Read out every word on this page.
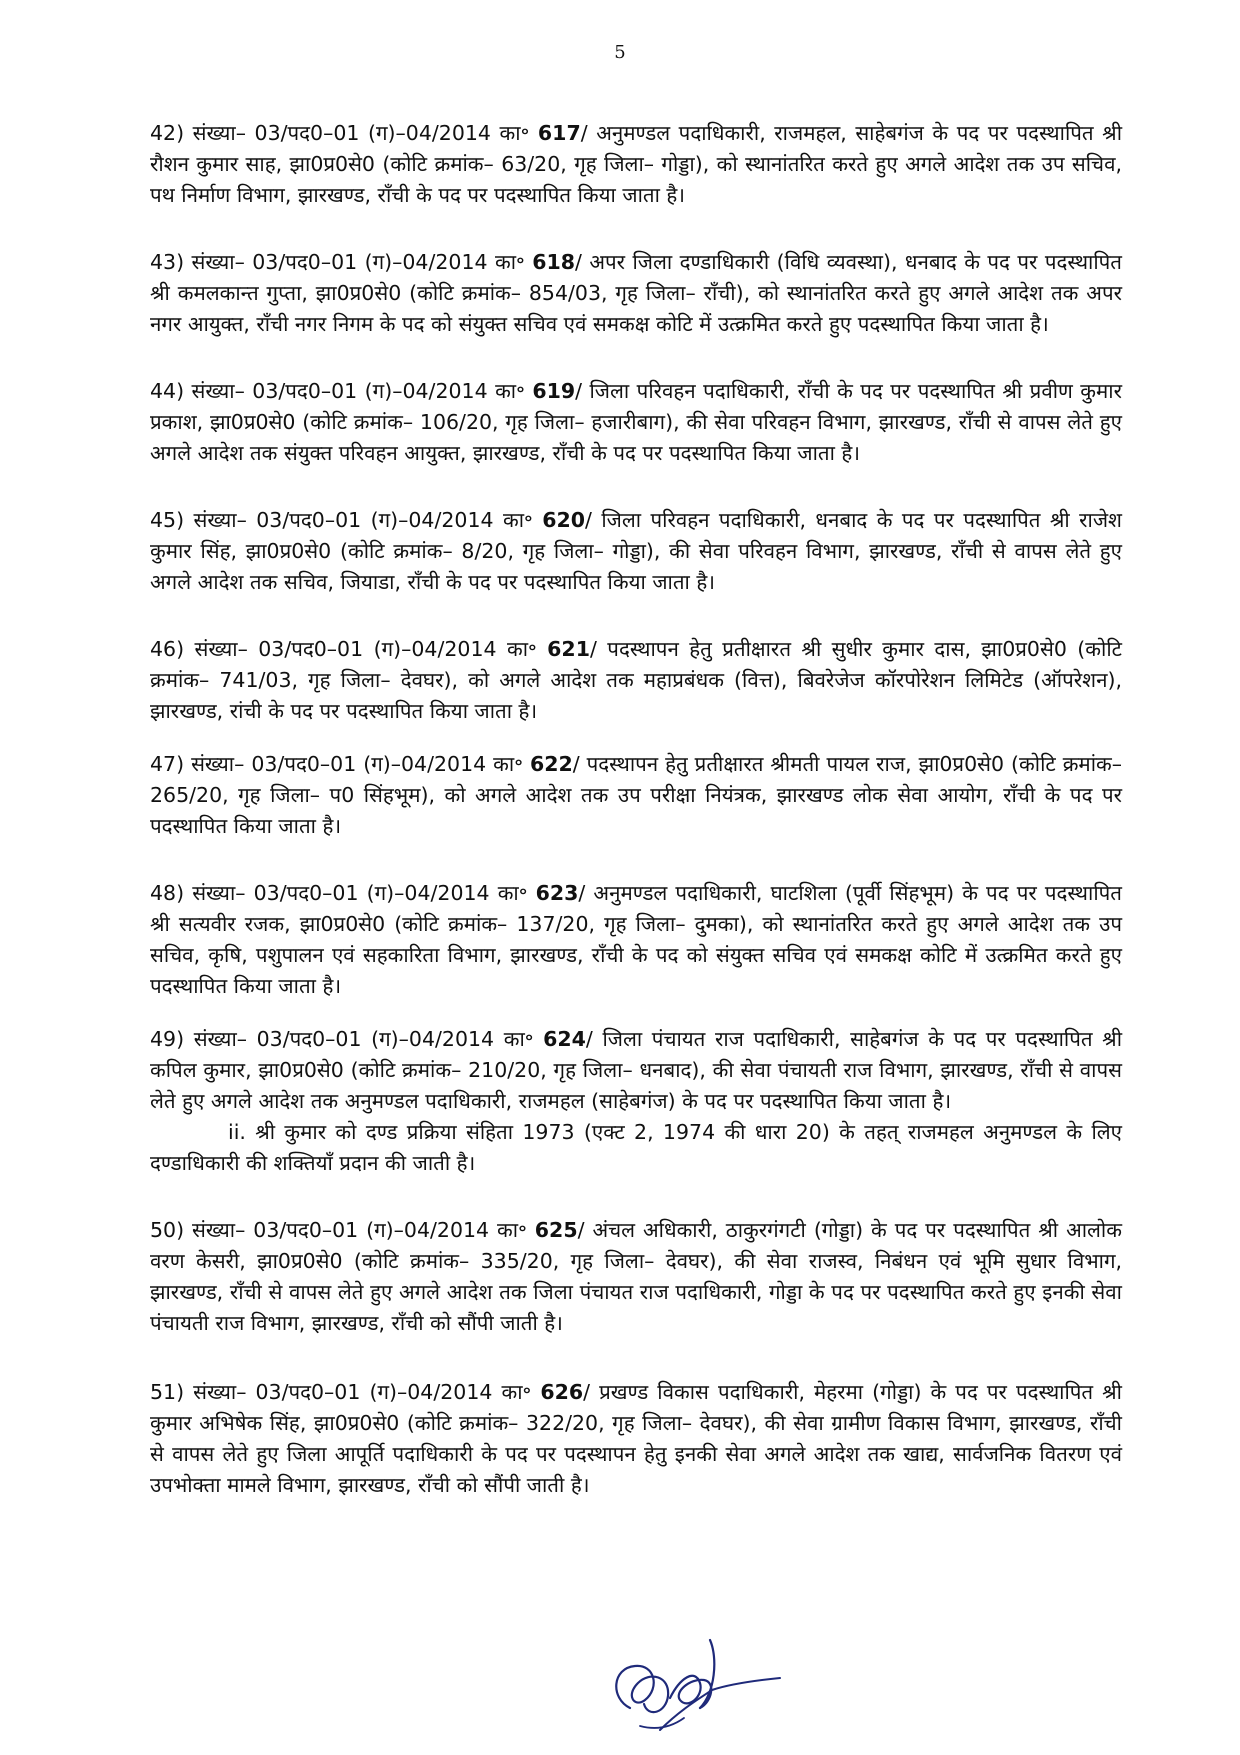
5

42) संख्या– 03/पद0–01 (ग)–04/2014 का॰ 617/ अनुमण्डल पदाधिकारी, राजमहल, साहेबगंज के पद पर पदस्थापित श्री रौशन कुमार साह, झा0प्र0से0 (कोटि क्रमांक– 63/20, गृह जिला– गोड्डा), को स्थानांतरित करते हुए अगले आदेश तक उप सचिव, पथ निर्माण विभाग, झारखण्ड, राँची के पद पर पदस्थापित किया जाता है।

43) संख्या– 03/पद0–01 (ग)–04/2014 का॰ 618/ अपर जिला दण्डाधिकारी (विधि व्यवस्था), धनबाद के पद पर पदस्थापित श्री कमलकान्त गुप्ता, झा0प्र0से0 (कोटि क्रमांक– 854/03, गृह जिला– राँची), को स्थानांतरित करते हुए अगले आदेश तक अपर नगर आयुक्त, राँची नगर निगम के पद को संयुक्त सचिव एवं समकक्ष कोटि में उत्क्रमित करते हुए पदस्थापित किया जाता है।

44) संख्या– 03/पद0–01 (ग)–04/2014 का॰ 619/ जिला परिवहन पदाधिकारी, राँची के पद पर पदस्थापित श्री प्रवीण कुमार प्रकाश, झा0प्र0से0 (कोटि क्रमांक– 106/20, गृह जिला– हजारीबाग), की सेवा परिवहन विभाग, झारखण्ड, राँची से वापस लेते हुए अगले आदेश तक संयुक्त परिवहन आयुक्त, झारखण्ड, राँची के पद पर पदस्थापित किया जाता है।

45) संख्या– 03/पद0–01 (ग)–04/2014 का॰ 620/ जिला परिवहन पदाधिकारी, धनबाद के पद पर पदस्थापित श्री राजेश कुमार सिंह, झा0प्र0से0 (कोटि क्रमांक– 8/20, गृह जिला– गोड्डा), की सेवा परिवहन विभाग, झारखण्ड, राँची से वापस लेते हुए अगले आदेश तक सचिव, जियाडा, राँची के पद पर पदस्थापित किया जाता है।

46) संख्या– 03/पद0–01 (ग)–04/2014 का॰ 621/ पदस्थापन हेतु प्रतीक्षारत श्री सुधीर कुमार दास, झा0प्र0से0 (कोटि क्रमांक– 741/03, गृह जिला– देवघर), को अगले आदेश तक महाप्रबंधक (वित्त), बिवरेजेज कॉरपोरेशन लिमिटेड (ऑपरेशन), झारखण्ड, रांची के पद पर पदस्थापित किया जाता है।

47) संख्या– 03/पद0–01 (ग)–04/2014 का॰ 622/ पदस्थापन हेतु प्रतीक्षारत श्रीमती पायल राज, झा0प्र0से0 (कोटि क्रमांक– 265/20, गृह जिला– प0 सिंहभूम), को अगले आदेश तक उप परीक्षा नियंत्रक, झारखण्ड लोक सेवा आयोग, राँची के पद पर पदस्थापित किया जाता है।

48) संख्या– 03/पद0–01 (ग)–04/2014 का॰ 623/ अनुमण्डल पदाधिकारी, घाटशिला (पूर्वी सिंहभूम) के पद पर पदस्थापित श्री सत्यवीर रजक, झा0प्र0से0 (कोटि क्रमांक– 137/20, गृह जिला– दुमका), को स्थानांतरित करते हुए अगले आदेश तक उप सचिव, कृषि, पशुपालन एवं सहकारिता विभाग, झारखण्ड, राँची के पद को संयुक्त सचिव एवं समकक्ष कोटि में उत्क्रमित करते हुए पदस्थापित किया जाता है।

49) संख्या– 03/पद0–01 (ग)–04/2014 का॰ 624/ जिला पंचायत राज पदाधिकारी, साहेबगंज के पद पर पदस्थापित श्री कपिल कुमार, झा0प्र0से0 (कोटि क्रमांक– 210/20, गृह जिला– धनबाद), की सेवा पंचायती राज विभाग, झारखण्ड, राँची से वापस लेते हुए अगले आदेश तक अनुमण्डल पदाधिकारी, राजमहल (साहेबगंज) के पद पर पदस्थापित किया जाता है।

ii. श्री कुमार को दण्ड प्रक्रिया संहिता 1973 (एक्ट 2, 1974 की धारा 20) के तहत् राजमहल अनुमण्डल के लिए दण्डाधिकारी की शक्तियाँ प्रदान की जाती है।

50) संख्या– 03/पद0–01 (ग)–04/2014 का॰ 625/ अंचल अधिकारी, ठाकुरगंगटी (गोड्डा) के पद पर पदस्थापित श्री आलोक वरण केसरी, झा0प्र0से0 (कोटि क्रमांक– 335/20, गृह जिला– देवघर), की सेवा राजस्व, निबंधन एवं भूमि सुधार विभाग, झारखण्ड, राँची से वापस लेते हुए अगले आदेश तक जिला पंचायत राज पदाधिकारी, गोड्डा के पद पर पदस्थापित करते हुए इनकी सेवा पंचायती राज विभाग, झारखण्ड, राँची को सौंपी जाती है।

51) संख्या– 03/पद0–01 (ग)–04/2014 का॰ 626/ प्रखण्ड विकास पदाधिकारी, मेहरमा (गोड्डा) के पद पर पदस्थापित श्री कुमार अभिषेक सिंह, झा0प्र0से0 (कोटि क्रमांक– 322/20, गृह जिला– देवघर), की सेवा ग्रामीण विकास विभाग, झारखण्ड, राँची से वापस लेते हुए जिला आपूर्ति पदाधिकारी के पद पर पदस्थापन हेतु इनकी सेवा अगले आदेश तक खाद्य, सार्वजनिक वितरण एवं उपभोक्ता मामले विभाग, झारखण्ड, राँची को सौंपी जाती है।
